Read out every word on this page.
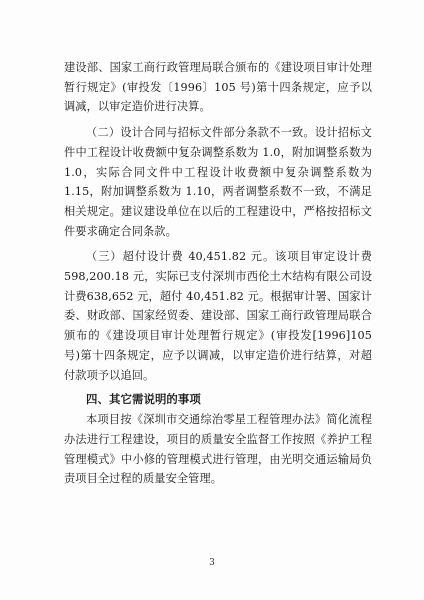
建设部、国家工商行政管理局联合颁布的《建设项目审计处理暂行规定》(审投发〔1996〕105 号)第十四条规定，应予以调减，以审定造价进行决算。

（二）设计合同与招标文件部分条款不一致。设计招标文件中工程设计收费额中复杂调整系数为 1.0，附加调整系数为 1.0，实际合同文件中工程设计收费额中复杂调整系数为 1.15，附加调整系数为 1.10，两者调整系数不一致，不满足相关规定。建议建设单位在以后的工程建设中，严格按招标文件要求确定合同条款。

（三）超付设计费 40,451.82 元。该项目审定设计费598,200.18 元，实际已支付深圳市西伦土木结构有限公司设计费638,652 元，超付 40,451.82 元。根据审计署、国家计委、财政部、国家经贸委、建设部、国家工商行政管理局联合颁布的《建设项目审计处理暂行规定》(审投发[1996]105 号)第十四条规定，应予以调减，以审定造价进行结算，对超付款项予以追回。

四、其它需说明的事项

本项目按《深圳市交通综治零星工程管理办法》简化流程办法进行工程建设，项目的质量安全监督工作按照《养护工程管理模式》中小修的管理模式进行管理，由光明交通运输局负责项目全过程的质量安全管理。

3
